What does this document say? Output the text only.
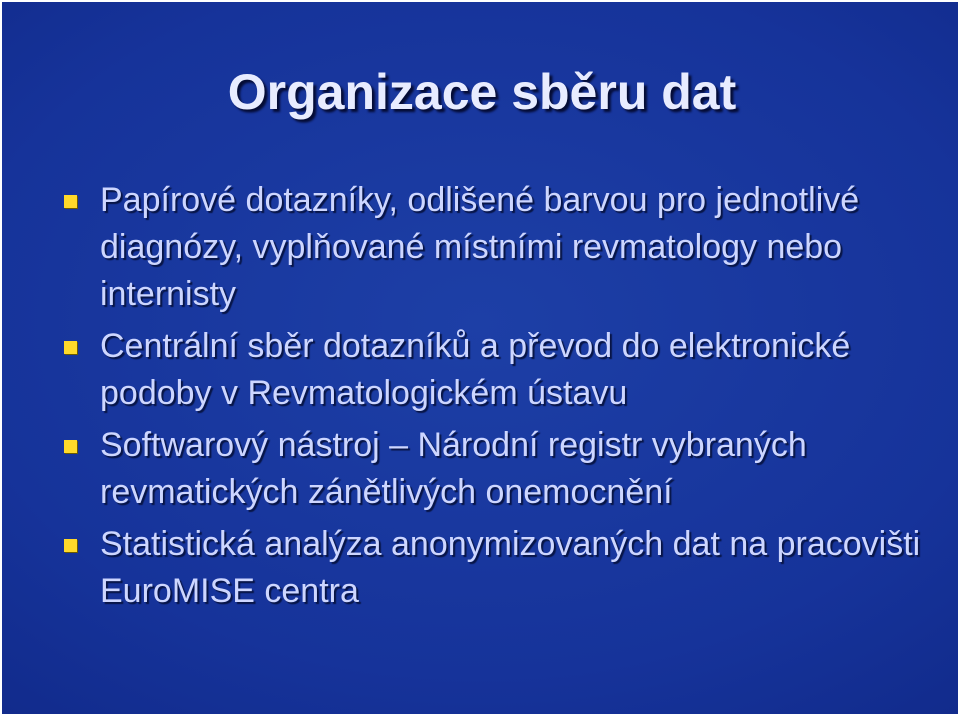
Organizace sběru dat
Papírové dotazníky, odlišené barvou pro jednotlivé diagnózy, vyplňované místními revmatology nebo internisty
Centrální sběr dotazníků a převod do elektronické podoby v Revmatologickém ústavu
Softwarový nástroj – Národní registr vybraných revmatických zánětlivých onemocnění
Statistická analýza anonymizovaných dat na pracovišti EuroMISE centra
